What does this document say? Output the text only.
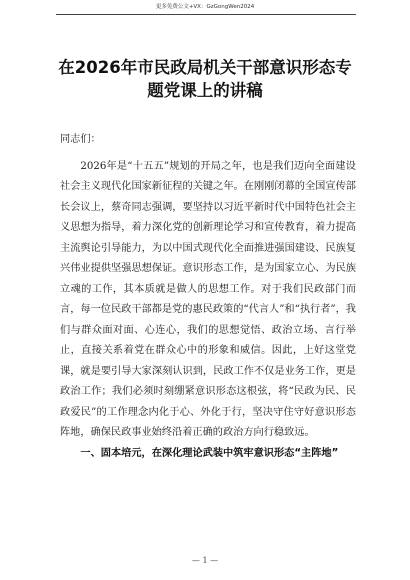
更多免费公文+VX：GzGongWen2024
在2026年市民政局机关干部意识形态专题党课上的讲稿

同志们：

2026年是“十五五”规划的开局之年，也是我们迈向全面建设社会主义现代化国家新征程的关键之年。在刚刚闭幕的全国宣传部长会议上，蔡奇同志强调，要坚持以习近平新时代中国特色社会主义思想为指导，着力深化党的创新理论学习和宣传教育，着力提高主流舆论引导能力，为以中国式现代化全面推进强国建设、民族复兴伟业提供坚强思想保证。意识形态工作，是为国家立心、为民族立魂的工作，其本质就是做人的思想工作。对于我们民政部门而言，每一位民政干部都是党的惠民政策的“代言人”和“执行者”，我们与群众面对面、心连心，我们的思想觉悟、政治立场、言行举止，直接关系着党在群众心中的形象和威信。因此，上好这堂党课，就是要引导大家深刻认识到，民政工作不仅是业务工作，更是政治工作；我们必须时刻绷紧意识形态这根弦，将“民政为民、民政爱民”的工作理念内化于心、外化于行，坚决守住守好意识形态阵地，确保民政事业始终沿着正确的政治方向行稳致远。

一、固本培元，在深化理论武装中筑牢意识形态“主阵地”

— 1 —
